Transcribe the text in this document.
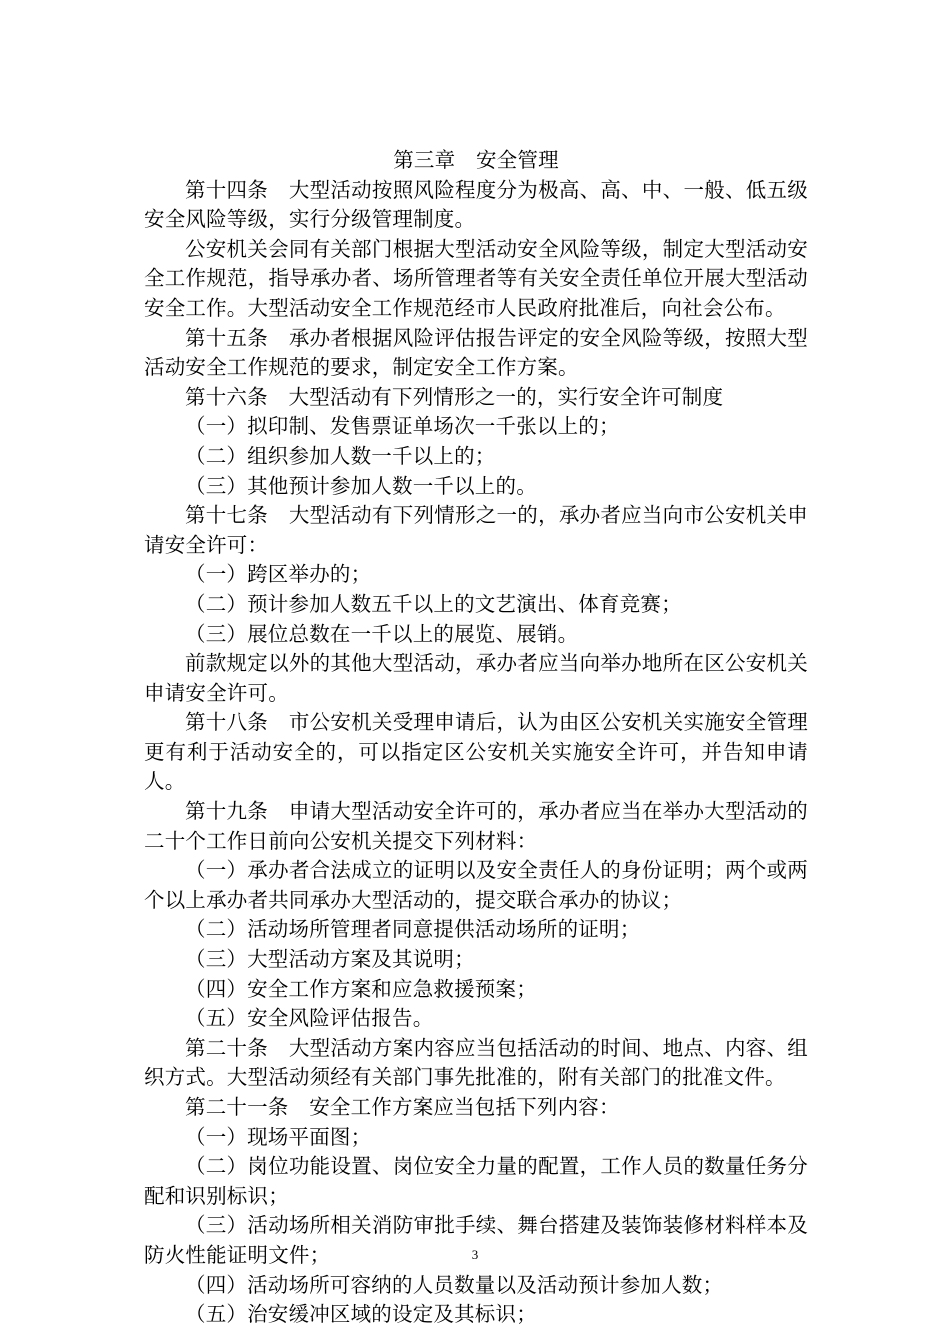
第三章　安全管理

第十四条　大型活动按照风险程度分为极高、高、中、一般、低五级安全风险等级，实行分级管理制度。

公安机关会同有关部门根据大型活动安全风险等级，制定大型活动安全工作规范，指导承办者、场所管理者等有关安全责任单位开展大型活动安全工作。大型活动安全工作规范经市人民政府批准后，向社会公布。

第十五条　承办者根据风险评估报告评定的安全风险等级，按照大型活动安全工作规范的要求，制定安全工作方案。

第十六条　大型活动有下列情形之一的，实行安全许可制度

（一）拟印制、发售票证单场次一千张以上的；

（二）组织参加人数一千以上的；

（三）其他预计参加人数一千以上的。

第十七条　大型活动有下列情形之一的，承办者应当向市公安机关申请安全许可：

（一）跨区举办的；

（二）预计参加人数五千以上的文艺演出、体育竞赛；

（三）展位总数在一千以上的展览、展销。

前款规定以外的其他大型活动，承办者应当向举办地所在区公安机关申请安全许可。

第十八条　市公安机关受理申请后，认为由区公安机关实施安全管理更有利于活动安全的，可以指定区公安机关实施安全许可，并告知申请人。

第十九条　申请大型活动安全许可的，承办者应当在举办大型活动的二十个工作日前向公安机关提交下列材料：

（一）承办者合法成立的证明以及安全责任人的身份证明；两个或两个以上承办者共同承办大型活动的，提交联合承办的协议；

（二）活动场所管理者同意提供活动场所的证明；

（三）大型活动方案及其说明；

（四）安全工作方案和应急救援预案；

（五）安全风险评估报告。

第二十条　大型活动方案内容应当包括活动的时间、地点、内容、组织方式。大型活动须经有关部门事先批准的，附有关部门的批准文件。

第二十一条　安全工作方案应当包括下列内容：

（一）现场平面图；

（二）岗位功能设置、岗位安全力量的配置，工作人员的数量任务分配和识别标识；

（三）活动场所相关消防审批手续、舞台搭建及装饰装修材料样本及防火性能证明文件；

（四）活动场所可容纳的人员数量以及活动预计参加人数；

（五）治安缓冲区域的设定及其标识；

3
